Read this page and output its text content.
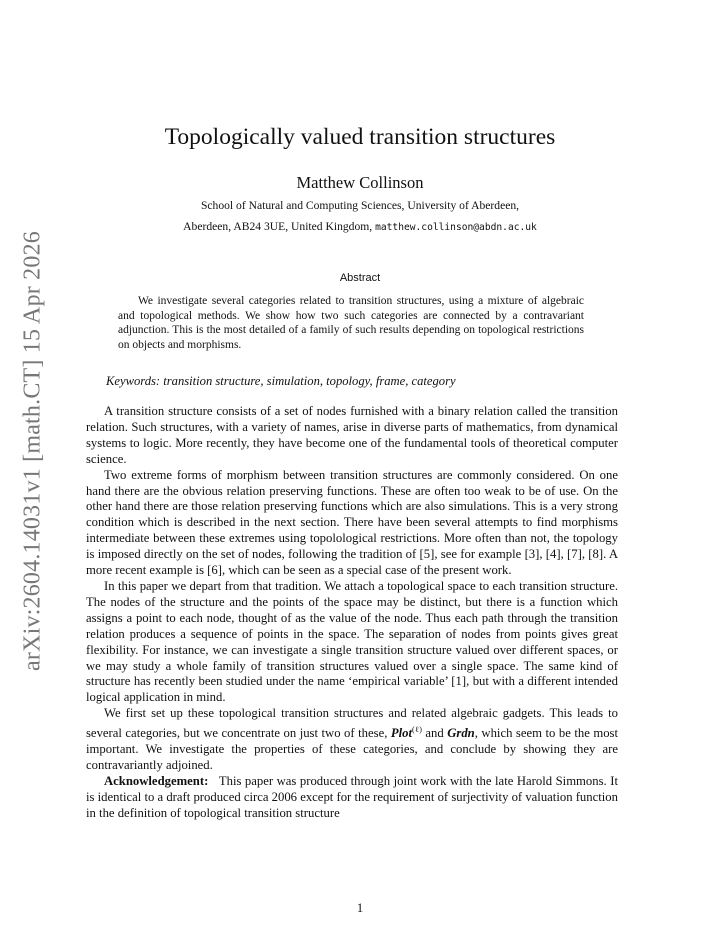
arXiv:2604.14031v1 [math.CT] 15 Apr 2026
Topologically valued transition structures
Matthew Collinson
School of Natural and Computing Sciences, University of Aberdeen,
Aberdeen, AB24 3UE, United Kingdom, matthew.collinson@abdn.ac.uk
Abstract

We investigate several categories related to transition structures, using a mixture of algebraic and topological methods. We show how two such categories are connected by a contravariant adjunction. This is the most detailed of a family of such results depending on topological restrictions on objects and morphisms.

Keywords: transition structure, simulation, topology, frame, category

A transition structure consists of a set of nodes furnished with a binary relation called the transition relation. Such structures, with a variety of names, arise in diverse parts of mathematics, from dynamical systems to logic. More recently, they have become one of the fundamental tools of theoretical computer science.

Two extreme forms of morphism between transition structures are commonly considered. On one hand there are the obvious relation preserving functions. These are often too weak to be of use. On the other hand there are those relation preserving functions which are also simulations. This is a very strong condition which is described in the next section. There have been several attempts to find morphisms intermediate between these extremes using topolological restrictions. More often than not, the topology is imposed directly on the set of nodes, following the tradition of [5], see for example [3], [4], [7], [8]. A more recent example is [6], which can be seen as a special case of the present work.

In this paper we depart from that tradition. We attach a topological space to each transition structure. The nodes of the structure and the points of the space may be distinct, but there is a function which assigns a point to each node, thought of as the value of the node. Thus each path through the transition relation produces a sequence of points in the space. The separation of nodes from points gives great flexibility. For instance, we can investigate a single transition structure valued over different spaces, or we may study a whole family of transition structures valued over a single space. The same kind of structure has recently been studied under the name ‘empirical variable’ [1], but with a different intended logical application in mind.

We first set up these topological transition structures and related algebraic gadgets. This leads to several categories, but we concentrate on just two of these, Plot$^{(\ell)}$ and Grdn, which seem to be the most important. We investigate the properties of these categories, and conclude by showing they are contravariantly adjoined.

Acknowledgement: This paper was produced through joint work with the late Harold Simmons. It is identical to a draft produced circa 2006 except for the requirement of surjectivity of valuation function in the definition of topological transition structure

1
